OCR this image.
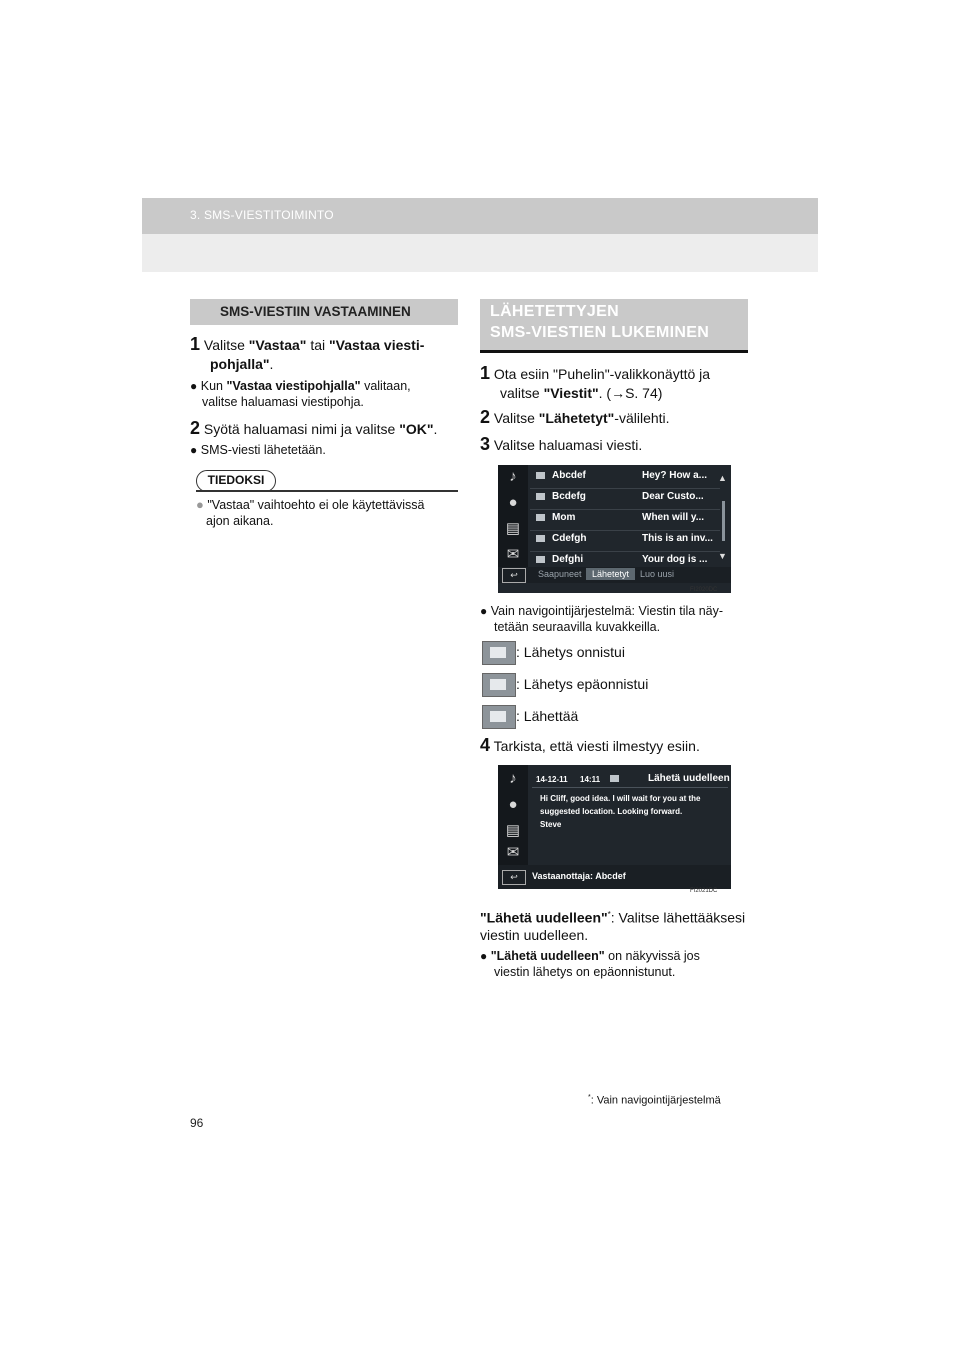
3. SMS-VIESTITOIMINTO
SMS-VIESTIIN VASTAAMINEN
1 Valitse "Vastaa" tai "Vastaa viesti-
pohjalla".
● Kun "Vastaa viestipohjalla" valitaan,
valitse haluamasi viestipohja.
2 Syötä haluamasi nimi ja valitse "OK".
● SMS-viesti lähetetään.
TIEDOKSI
● "Vastaa" vaihtoehto ei ole käytettävissä
ajon aikana.
LÄHETETTYJEN
SMS-VIESTIEN LUKEMINEN
1 Ota esiin "Puhelin"-valikkonäyttö ja
valitse "Viestit". (→S. 74)
2 Valitse "Lähetetyt"-välilehti.
3 Valitse haluamasi viesti.
♪
●
▤
✉
Abcdef	Hey? How a...
Bcdefg	Dear Custo...
Mom	When will y...
Cdefgh	This is an inv...
Defghi	Your dog is ...
▲
▼
↩	Saapuneet	Lähetetyt	Luo uusi
FI2020DC
● Vain navigointijärjestelmä: Viestin tila näy-
tetään seuraavilla kuvakkeilla.
: Lähetys onnistui
: Lähetys epäonnistui
: Lähettää
4 Tarkista, että viesti ilmestyy esiin.
♪
●
▤
✉
14-12-11 14:11	Lähetä uudelleen
Hi Cliff, good idea. I will wait for you at the
suggested location. Looking forward.
Steve
↩	Vastaanottaja: Abcdef
FI2021DC
"Lähetä uudelleen"*: Valitse lähettääksesi
viestin uudelleen.
● "Lähetä uudelleen" on näkyvissä jos
viestin lähetys on epäonnistunut.
*: Vain navigointijärjestelmä
96
